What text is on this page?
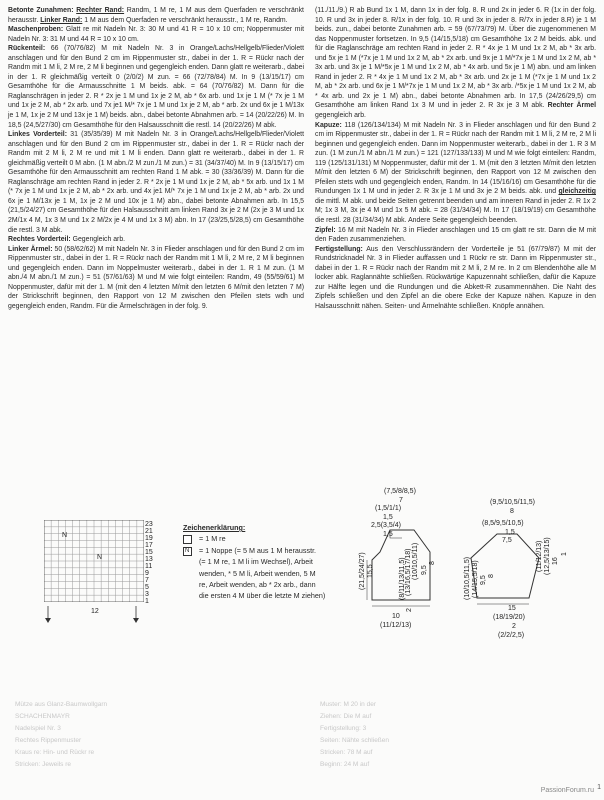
Betonte Zunahmen: Rechter Rand: Randm, 1 M re, 1 M aus dem Querfaden re verschränkt herausstr. Linker Rand: 1 M aus dem Querfaden re verschränkt herausstr., 1 M re, Randm.

Maschenproben: Glatt re mit Nadeln Nr. 3: 30 M und 41 R = 10 x 10 cm; Noppenmuster mit Nadeln Nr. 3: 31 M und 44 R = 10 x 10 cm.

Rückenteil: 66 (70/76/82) M mit Nadeln Nr. 3 in Orange/Lachs/Hellgelb/Flieder/Violett anschlagen und für den Bund 2 cm im Rippenmuster str., dabei in der 1. R = Rückr nach der Randm mit 1 M li, 2 M re, 2 M li beginnen und gegengleich enden. Dann glatt re weiterarb., dabei in der 1. R gleichmäßig verteilt 0 (2/0/2) M zun. = 66 (72/78/84) M. In 9 (13/15/17) cm Gesamthöhe für die Armausschnitte 1 M beids. abk. = 64 (70/76/82) M. Dann für die Raglanschrägen in jeder 2. R * 2x je 1 M und 1x je 2 M, ab * 6x arb. und 1x je 1 M (* 7x je 1 M und 1x je 2 M, ab * 2x arb. und 7x je1 M/* 7x je 1 M und 1x je 2 M, ab * arb. 2x und 6x je 1 M/13x je 1 M, 1x je 2 M und 13x je 1 M) beids. abn., dabei betonte Abnahmen arb. = 14 (20/22/26) M. In 18,5 (24,5/27/30) cm Gesamthöhe für den Halsausschnitt die restl. 14 (20/22/26) M abk.

Linkes Vorderteil: 31 (35/35/39) M mit Nadeln Nr. 3 in Orange/Lachs/Hellgelb/Flieder/Violett anschlagen und für den Bund 2 cm im Rippenmuster str., dabei in der 1. R = Rückr nach der Randm mit 2 M li, 2 M re und mit 1 M li enden. Dann glatt re weiterarb., dabei in der 1. R gleichmäßig verteilt 0 M abn. (1 M abn./2 M zun./1 M zun.) = 31 (34/37/40) M. In 9 (13/15/17) cm Gesamthöhe für den Armausschnitt am rechten Rand 1 M abk. = 30 (33/36/39) M. Dann für die Raglanschräge am rechten Rand in jeder 2. R * 2x je 1 M und 1x je 2 M, ab * 5x arb. und 1x 1 M (* 7x je 1 M und 1x je 2 M, ab * 2x arb. und 4x je1 M/* 7x je 1 M und 1x je 2 M, ab * arb. 2x und 6x je 1 M/13x je 1 M, 1x je 2 M und 10x je 1 M) abn., dabei betonte Abnahmen arb. In 15,5 (21,5/24/27) cm Gesamthöhe für den Halsausschnitt am linken Rand 3x je 2 M (2x je 3 M und 1x 2M/1x 4 M, 1x 3 M und 1x 2 M/2x je 4 M und 1x 3 M) abn. In 17 (23/25,5/28,5) cm Gesamthöhe die restl. 3 M abk.

Rechtes Vorderteil: Gegengleich arb.

Linker Ärmel: 50 (58/62/62) M mit Nadeln Nr. 3 in Flieder anschlagen und für den Bund 2 cm im Rippenmuster str., dabei in der 1. R = Rückr nach der Randm mit 1 M li, 2 M re, 2 M li beginnen und gegengleich enden. Dann im Noppelmuster weiterarb., dabei in der 1. R 1 M zun. (1 M abn./4 M abn./1 M zun.) = 51 (57/61/63) M und M wie folgt einteilen: Randm, 49 (55/59/61) M Noppenmuster, dafür mit der 1. M (mit den 4 letzten M/mit den letzten 6 M/mit den letzten 7 M) der Strickschrift beginnen, den Rapport von 12 M zwischen den Pfeilen stets wdh und gegengleich enden, Randm. Für die Ärmelschrägen in der folg. 9.

(11./11./9.) R ab Bund 1x 1 M, dann 1x in der folg. 8. R und 2x in jeder 6. R (1x in der folg. 10. R und 3x in jeder 8. R/1x in der folg. 10. R und 3x in jeder 8. R/7x in jeder 8.R) je 1 M beids. zun., dabei betonte Zunahmen arb. = 59 (67/73/79) M. Über die zugenommenen M das Noppenmuster fortsetzen. In 9,5 (14/15,5/18) cm Gesamthöhe 1x 2 M beids. abk. und für die Raglanschräge am rechten Rand in jeder 2. R * 4x je 1 M und 1x 2 M, ab * 3x arb. und 5x je 1 M (*7x je 1 M und 1x 2 M, ab * 2x arb. und 9x je 1 M/*7x je 1 M und 1x 2 M, ab * 3x arb. und 3x je 1 M/*5x je 1 M und 1x 2 M, ab * 4x arb. und 5x je 1 M) abn. und am linken Rand in jeder 2. R * 4x je 1 M und 1x 2 M, ab * 3x arb. und 2x je 1 M (*7x je 1 M und 1x 2 M, ab * 2x arb. und 6x je 1 M/*7x je 1 M und 1x 2 M, ab * 3x arb. /*5x je 1 M und 1x 2 M, ab * 4x arb. und 2x je 1 M) abn., dabei betonte Abnahmen arb. In 17,5 (24/26/29,5) cm Gesamthöhe am linken Rand 1x 3 M und in jeder 2. R 3x je 3 M abk. Rechter Ärmel gegengleich arb.

Kapuze: 118 (126/134/134) M mit Nadeln Nr. 3 in Flieder anschlagen und für den Bund 2 cm im Rippenmuster str., dabei in der 1. R = Rückr nach der Randm mit 1 M li, 2 M re, 2 M li beginnen und gegengleich enden. Dann im Noppenmuster weiterarb., dabei in der 1. R 3 M zun. (1 M zun./1 M abn./1 M zun.) = 121 (127/133/133) M und M wie folgt einteilen: Randm, 119 (125/131/131) M Noppenmuster, dafür mit der 1. M (mit den 3 letzten M/mit den letzten M/mit den letzten 6 M) der Strickschrift beginnen, den Rapport von 12 M zwischen den Pfeilen stets wdh und gegengleich enden, Randm. In 14 (15/16/16) cm Gesamthöhe für die Rundungen 1x 1 M und in jeder 2. R 3x je 1 M und 3x je 2 M beids. abk. und gleichzeitig die mittl. M abk. und beide Seiten getrennt beenden und am inneren Rand in jeder 2. R 1x 2 M; 1x 3 M, 3x je 4 M und 1x 5 M abk. = 28 (31/34/34) M. In 17 (18/19/19) cm Gesamthöhe die restl. 28 (31/34/34) M abk. Andere Seite gegengleich beenden.

Zipfel: 16 M mit Nadeln Nr. 3 in Flieder anschlagen und 15 cm glatt re str. Dann die M mit den Faden zusammenziehen.

Fertigstellung: Aus den Verschlussrändern der Vorderteile je 51 (67/79/87) M mit der Rundstricknadel Nr. 3 in Flieder auffassen und 1 Rückr re str. Dann im Rippenmuster str., dabei in der 1. R = Rückr nach der Randm mit 2 M li, 2 M re. In 2 cm Blendenhöhe alle M locker abk. Raglannähte schließen. Rückwärtige Kapuzennaht schließen, dafür die Kapuze zur Hälfte legen und die Rundungen und die Abkett-R zusammennähen. Die Naht des Zipfels schließen und den Zipfel an die obere Ecke der Kapuze nähen. Kapuze in den Halsausschnitt nähen. Seiten- und Ärmelnähte schließen. Knöpfe annähen.

Mütze aus Glanz-Baumwollgarn
SCHACHENMAYR
Nadelspiel Nr. 3
Rechtes Rippenmuster
Kraus re: Hin- und Rückr re
Stricken: Jeweils re
Muster: M 20 in der
Ziehen: Die M auf
Fertigstellung: 3
Seiten: Nähte schließen
Stricken: 78 M auf
Beginn: 24 M auf
N
N
23
21
19
17
15
13
11
9
7
5
3
1
12
Zeichenerklärung:
= 1 M re
N
= 1 Noppe (= 5 M aus 1 M herausstr.
(= 1 M re, 1 M li im Wechsel), Arbeit
wenden, * 5 M li, Arbeit wenden, 5 M
re, Arbeit wenden, ab * 2x arb., dann
die ersten 4 M über die letzte M ziehen)
(7,5/8/8,5)
7
(1,5/1/1)
1,5
2,5(3,5/4)
1,5
(21,5/24/27) 15,5	(8/11/13/11,5) (13/16,5/17/18) (10/10,5/11) 9,5
8
2
10
(11/12/13)
(9,5/10,5/11,5)
8
(8,5/9,5/10,5)
1,5
7,5
(10/10,5/11,5) (14/15,5/18) 9,5 8
(11/12/13) (12,5/13/15) 16
1
15
(18/19/20)
2
(2/2/2,5)
1
PassionForum.ru
